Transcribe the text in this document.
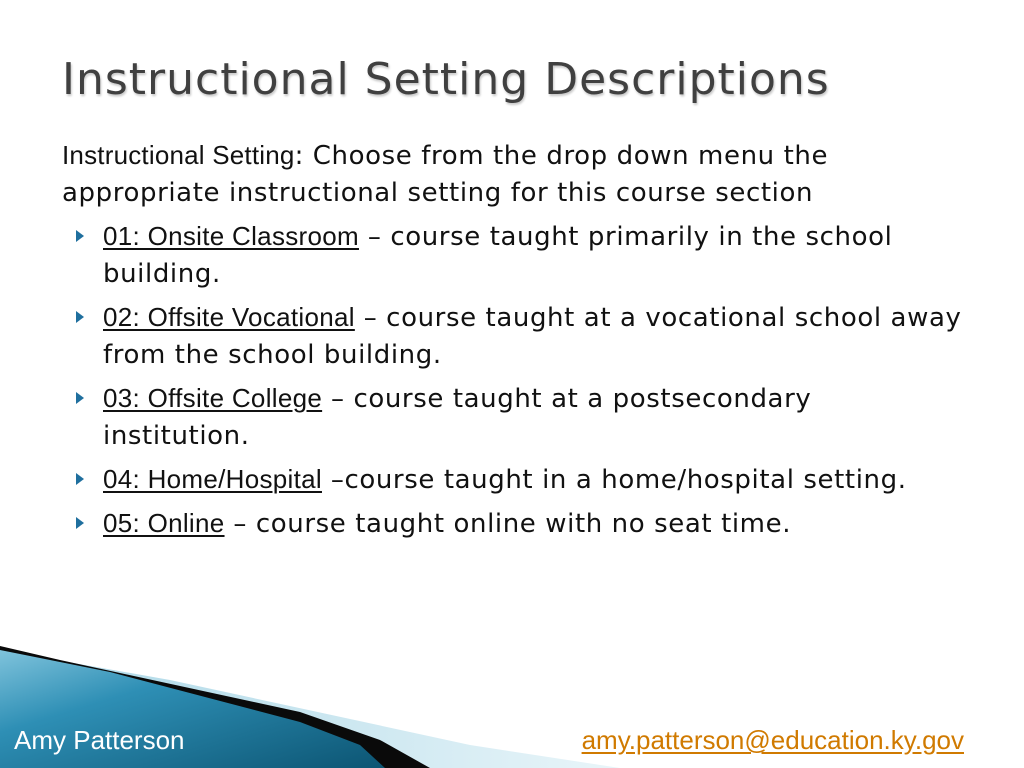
Instructional Setting Descriptions
Instructional Setting: Choose from the drop down menu the appropriate instructional setting for this course section
01: Onsite Classroom – course taught primarily in the school building.
02: Offsite Vocational – course taught at a vocational school away from the school building.
03: Offsite College – course taught at a postsecondary institution.
04: Home/Hospital –course taught in a home/hospital setting.
05: Online – course taught online with no seat time.
Amy Patterson	amy.patterson@education.ky.gov
